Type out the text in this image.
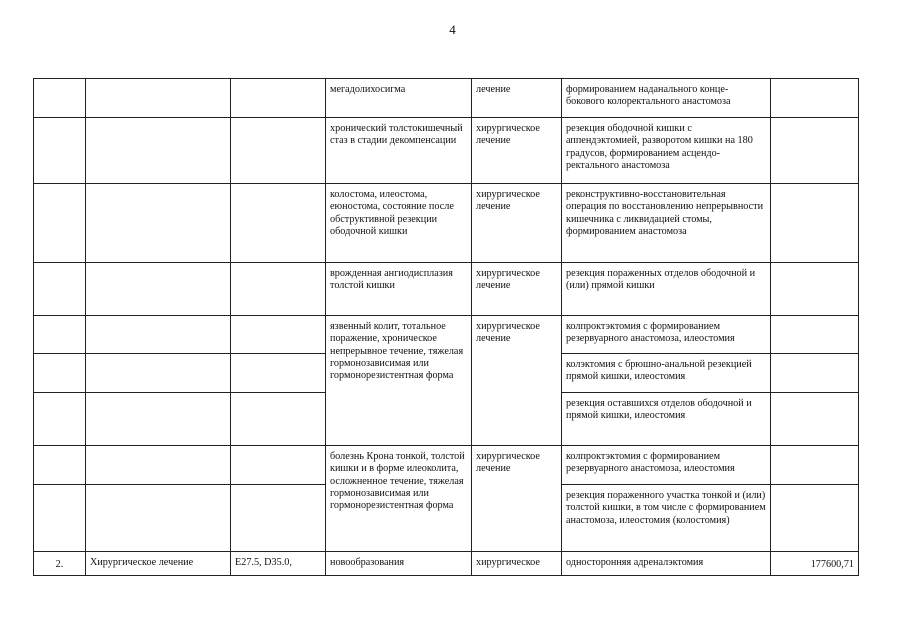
4
			мегадолихосигма	лечение	формированием наданального конце-бокового колоректального анастомоза	
			хронический толстокишечный стаз в стадии декомпенсации	хирургическое лечение	резекция ободочной кишки с аппендэктомией, разворотом кишки на 180 градусов, формированием асцендо-ректального анастомоза	
			колостома, илеостома, еюностома, состояние после обструктивной резекции ободочной кишки	хирургическое лечение	реконструктивно-восстановительная операция по восстановлению непрерывности кишечника с ликвидацией стомы, формированием анастомоза	
			врожденная ангиодисплазия толстой кишки	хирургическое лечение	резекция пораженных отделов ободочной и (или) прямой кишки	
			язвенный колит, тотальное поражение, хроническое непрерывное течение, тяжелая гормонозависимая или гормонорезистентная форма	хирургическое лечение	колпроктэктомия с формированием резервуарного анастомоза, илеостомия	
					колэктомия с брюшно-анальной резекцией прямой кишки, илеостомия	
					резекция оставшихся отделов ободочной и прямой кишки, илеостомия	
			болезнь Крона тонкой, толстой кишки и в форме илеоколита, осложненное течение, тяжелая гормонозависимая или гормонорезистентная форма	хирургическое лечение	колпроктэктомия с формированием резервуарного анастомоза, илеостомия	
					резекция пораженного участка тонкой и (или) толстой кишки, в том числе с формированием анастомоза, илеостомия (колостомия)	
2.	Хирургическое лечение	E27.5, D35.0,	новообразования	хирургическое	односторонняя адреналэктомия	177600,71
